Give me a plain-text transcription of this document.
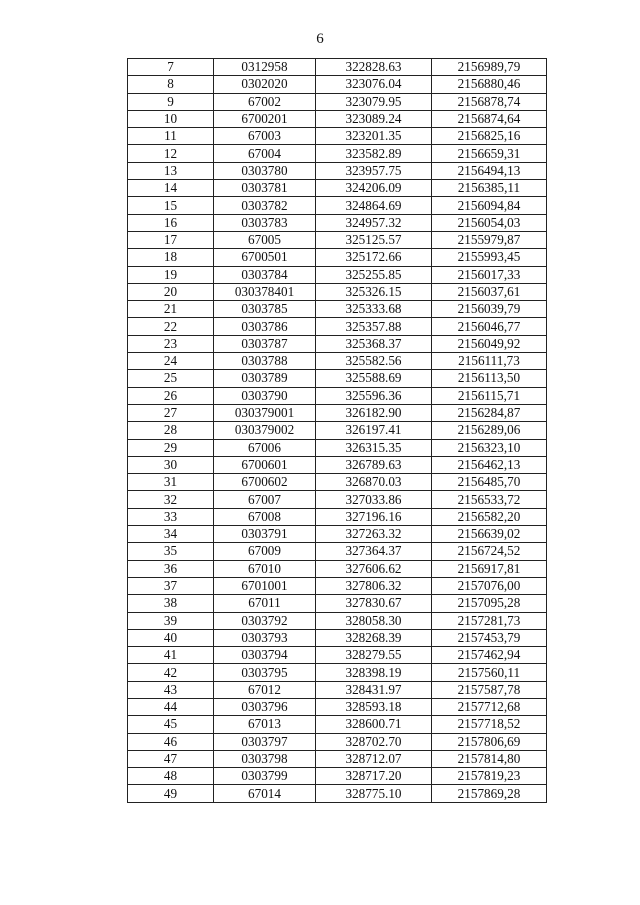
6
7	0312958	322828.63	2156989,79
8	0302020	323076.04	2156880,46
9	67002	323079.95	2156878,74
10	6700201	323089.24	2156874,64
11	67003	323201.35	2156825,16
12	67004	323582.89	2156659,31
13	0303780	323957.75	2156494,13
14	0303781	324206.09	2156385,11
15	0303782	324864.69	2156094,84
16	0303783	324957.32	2156054,03
17	67005	325125.57	2155979,87
18	6700501	325172.66	2155993,45
19	0303784	325255.85	2156017,33
20	030378401	325326.15	2156037,61
21	0303785	325333.68	2156039,79
22	0303786	325357.88	2156046,77
23	0303787	325368.37	2156049,92
24	0303788	325582.56	2156111,73
25	0303789	325588.69	2156113,50
26	0303790	325596.36	2156115,71
27	030379001	326182.90	2156284,87
28	030379002	326197.41	2156289,06
29	67006	326315.35	2156323,10
30	6700601	326789.63	2156462,13
31	6700602	326870.03	2156485,70
32	67007	327033.86	2156533,72
33	67008	327196.16	2156582,20
34	0303791	327263.32	2156639,02
35	67009	327364.37	2156724,52
36	67010	327606.62	2156917,81
37	6701001	327806.32	2157076,00
38	67011	327830.67	2157095,28
39	0303792	328058.30	2157281,73
40	0303793	328268.39	2157453,79
41	0303794	328279.55	2157462,94
42	0303795	328398.19	2157560,11
43	67012	328431.97	2157587,78
44	0303796	328593.18	2157712,68
45	67013	328600.71	2157718,52
46	0303797	328702.70	2157806,69
47	0303798	328712.07	2157814,80
48	0303799	328717.20	2157819,23
49	67014	328775.10	2157869,28
